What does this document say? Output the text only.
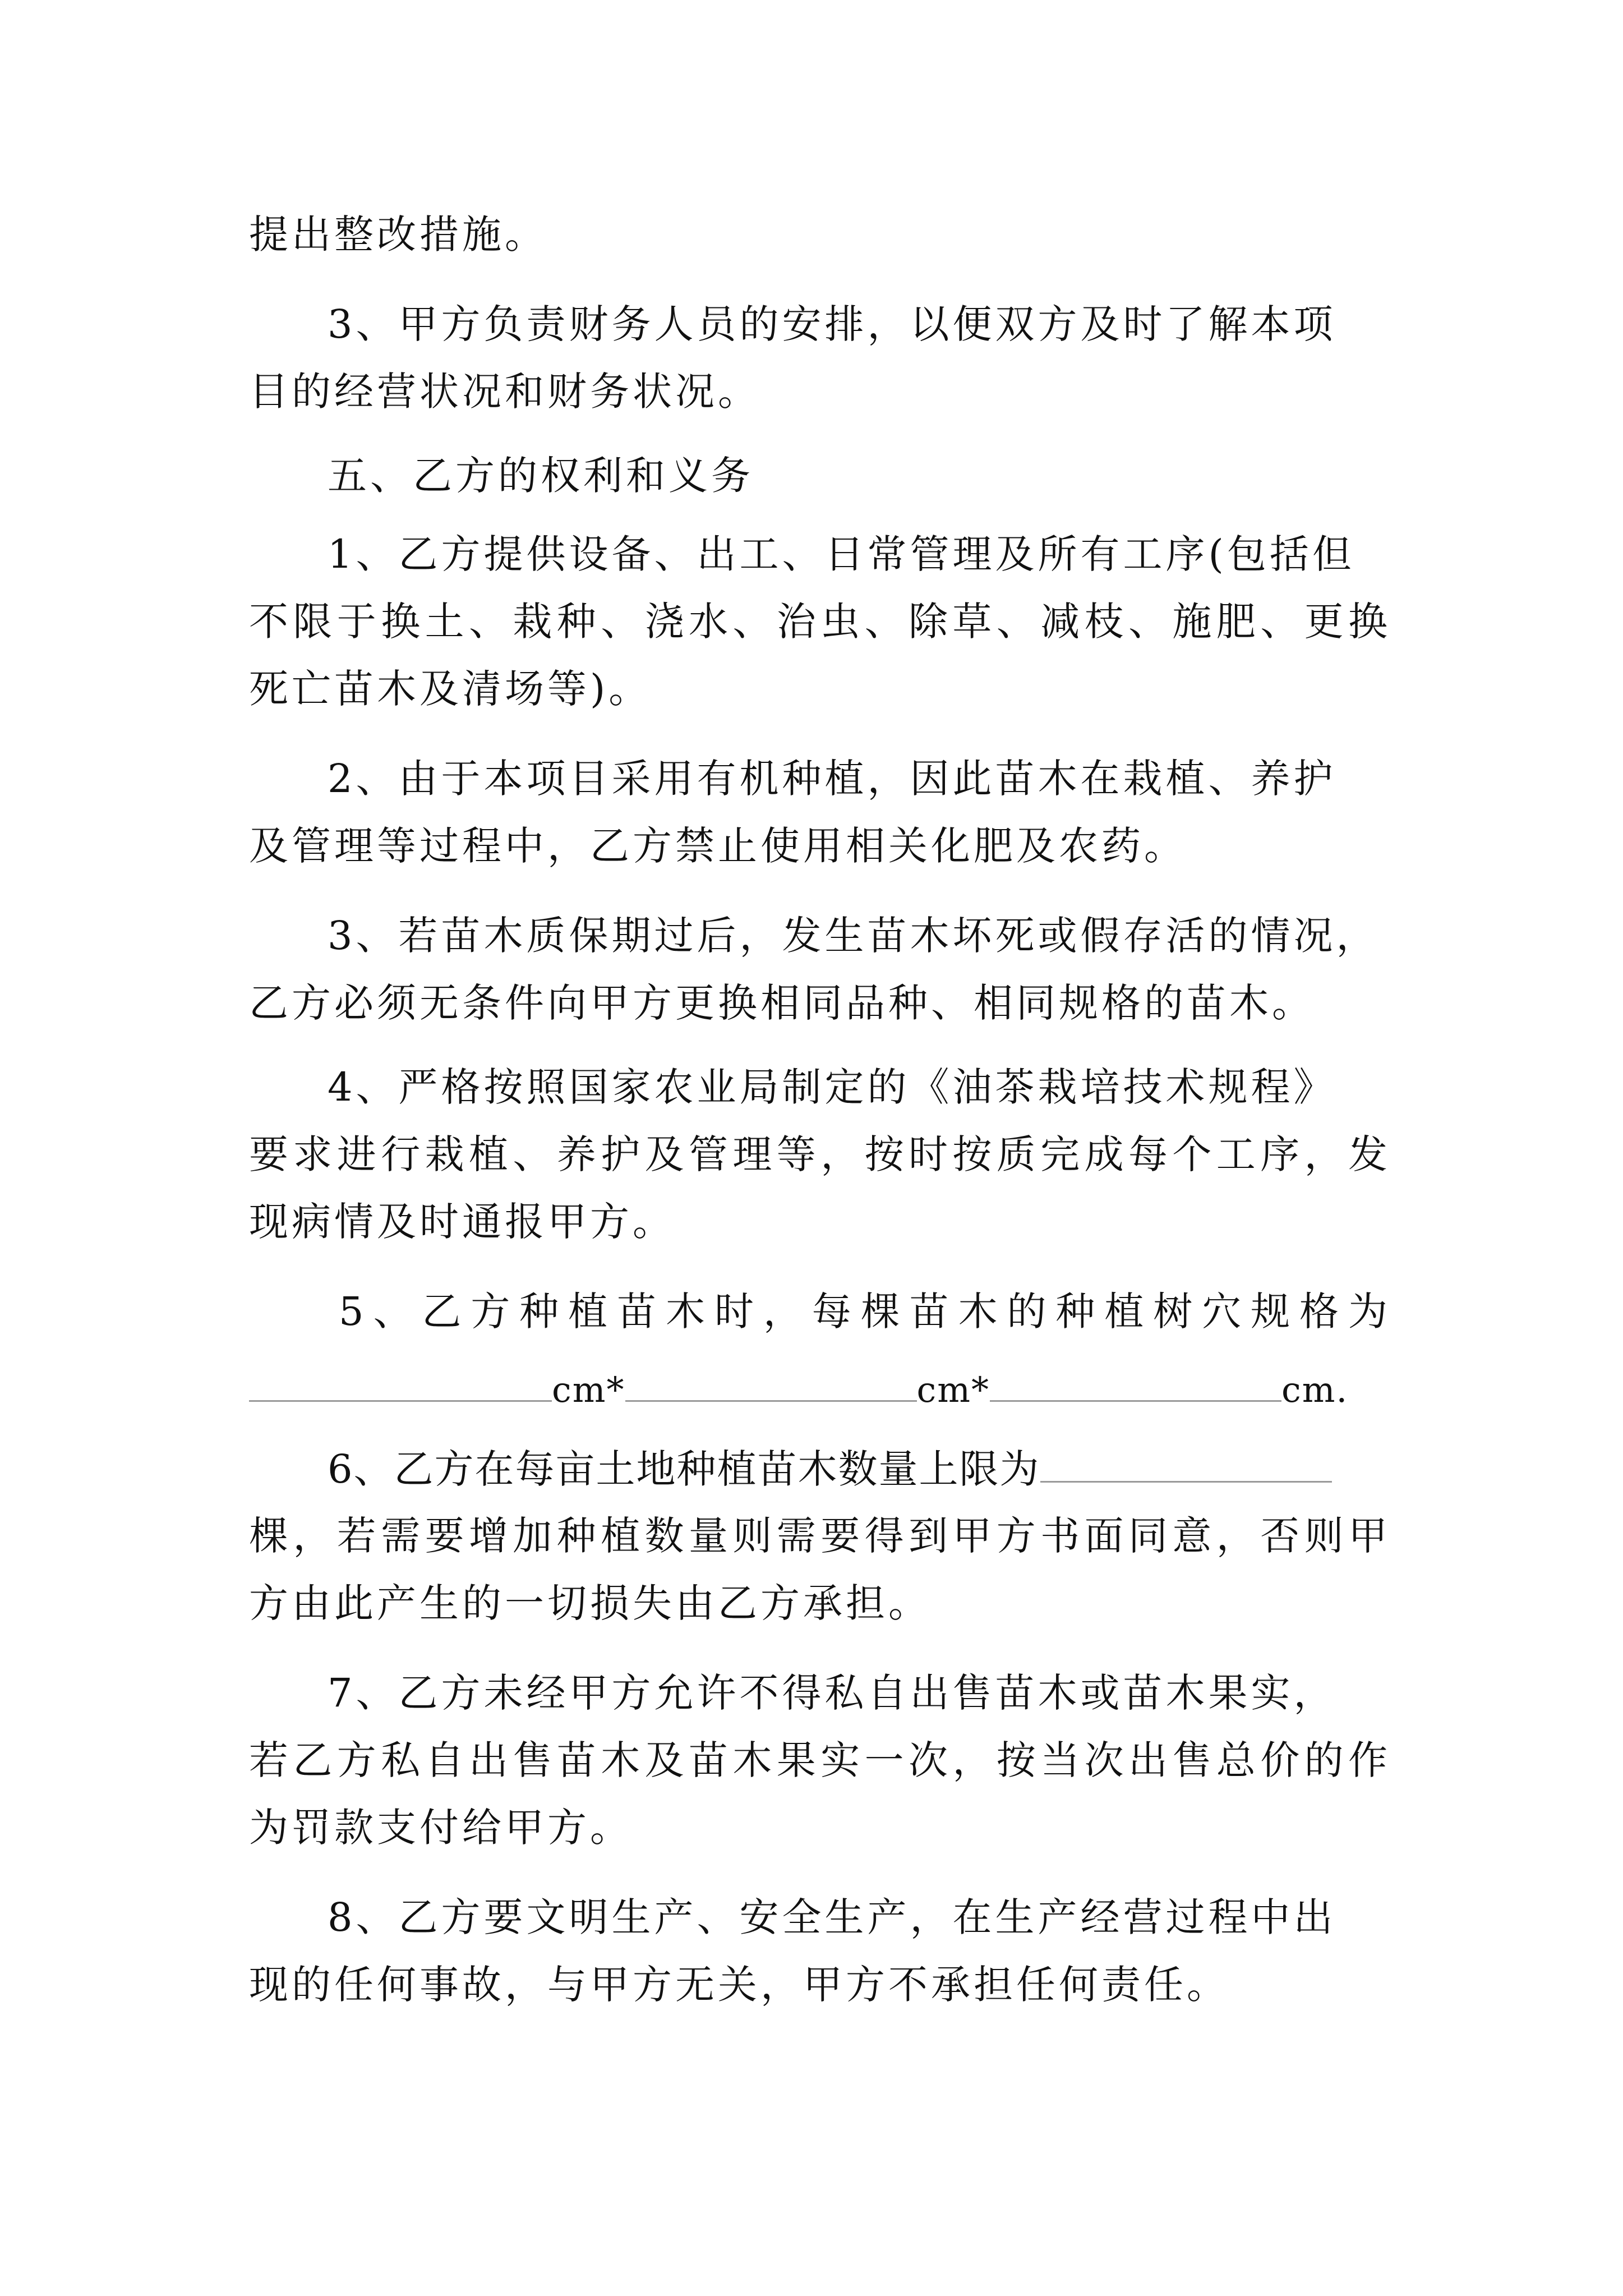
提出整改措施。
3、甲方负责财务人员的安排，以便双方及时了解本项
目的经营状况和财务状况。
五、乙方的权利和义务
1、乙方提供设备、出工、日常管理及所有工序(包括但
不限于换土、栽种、浇水、治虫、除草、减枝、施肥、更换
死亡苗木及清场等)。
2、由于本项目采用有机种植，因此苗木在栽植、养护
及管理等过程中，乙方禁止使用相关化肥及农药。
3、若苗木质保期过后，发生苗木坏死或假存活的情况，
乙方必须无条件向甲方更换相同品种、相同规格的苗木。
4、严格按照国家农业局制定的《油茶栽培技术规程》
要求进行栽植、养护及管理等，按时按质完成每个工序，发
现病情及时通报甲方。
5、乙方种植苗木时，每棵苗木的种植树穴规格为
cm*	cm*	cm.
6、乙方在每亩土地种植苗木数量上限为
棵，若需要增加种植数量则需要得到甲方书面同意，否则甲
方由此产生的一切损失由乙方承担。
7、乙方未经甲方允许不得私自出售苗木或苗木果实，
若乙方私自出售苗木及苗木果实一次，按当次出售总价的作
为罚款支付给甲方。
8、乙方要文明生产、安全生产，在生产经营过程中出
现的任何事故，与甲方无关，甲方不承担任何责任。
